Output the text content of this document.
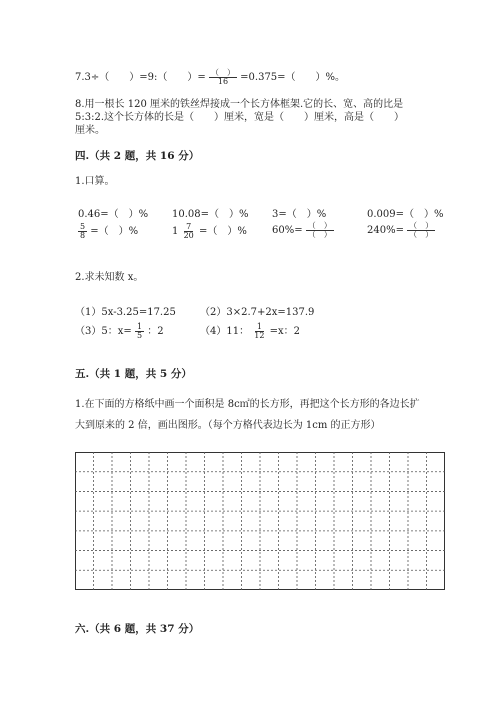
7.3÷（　　）=9:（　　）= $\frac{( )}{16} =0.375=$（　　）%。
8.用一根长 120 厘米的铁丝焊接成一个长方体框架.它的长、宽、高的比是
5:3:2.这个长方体的长是（　　）厘米，宽是（　　）厘米，高是（　　）
厘米。
四.（共 2 题，共 16 分）
1.口算。
0.46=（　）% 10.08=（　）% 3=（　）%	0.009=（　）%
$\frac{5}{8}$ =（　）%	$1 \frac{7}{20}$ =（　）%	$60\%= \frac{( )}{( )}$	$240\%= \frac{( )}{( )}$
2.求未知数 x。
（1）5x-3.25=17.25 （2）3×2.7+2x=137.9
（3）5：$x= \frac{1}{5}$ ：2	（4）11： $\frac{1}{12} =x$：2
五.（共 1 题，共 5 分）
1.在下面的方格纸中画一个面积是 8c㎡的长方形，再把这个长方形的各边长扩
大到原来的 2 倍，画出图形。（每个方格代表边长为 1cm 的正方形）
六.（共 6 题，共 37 分）
